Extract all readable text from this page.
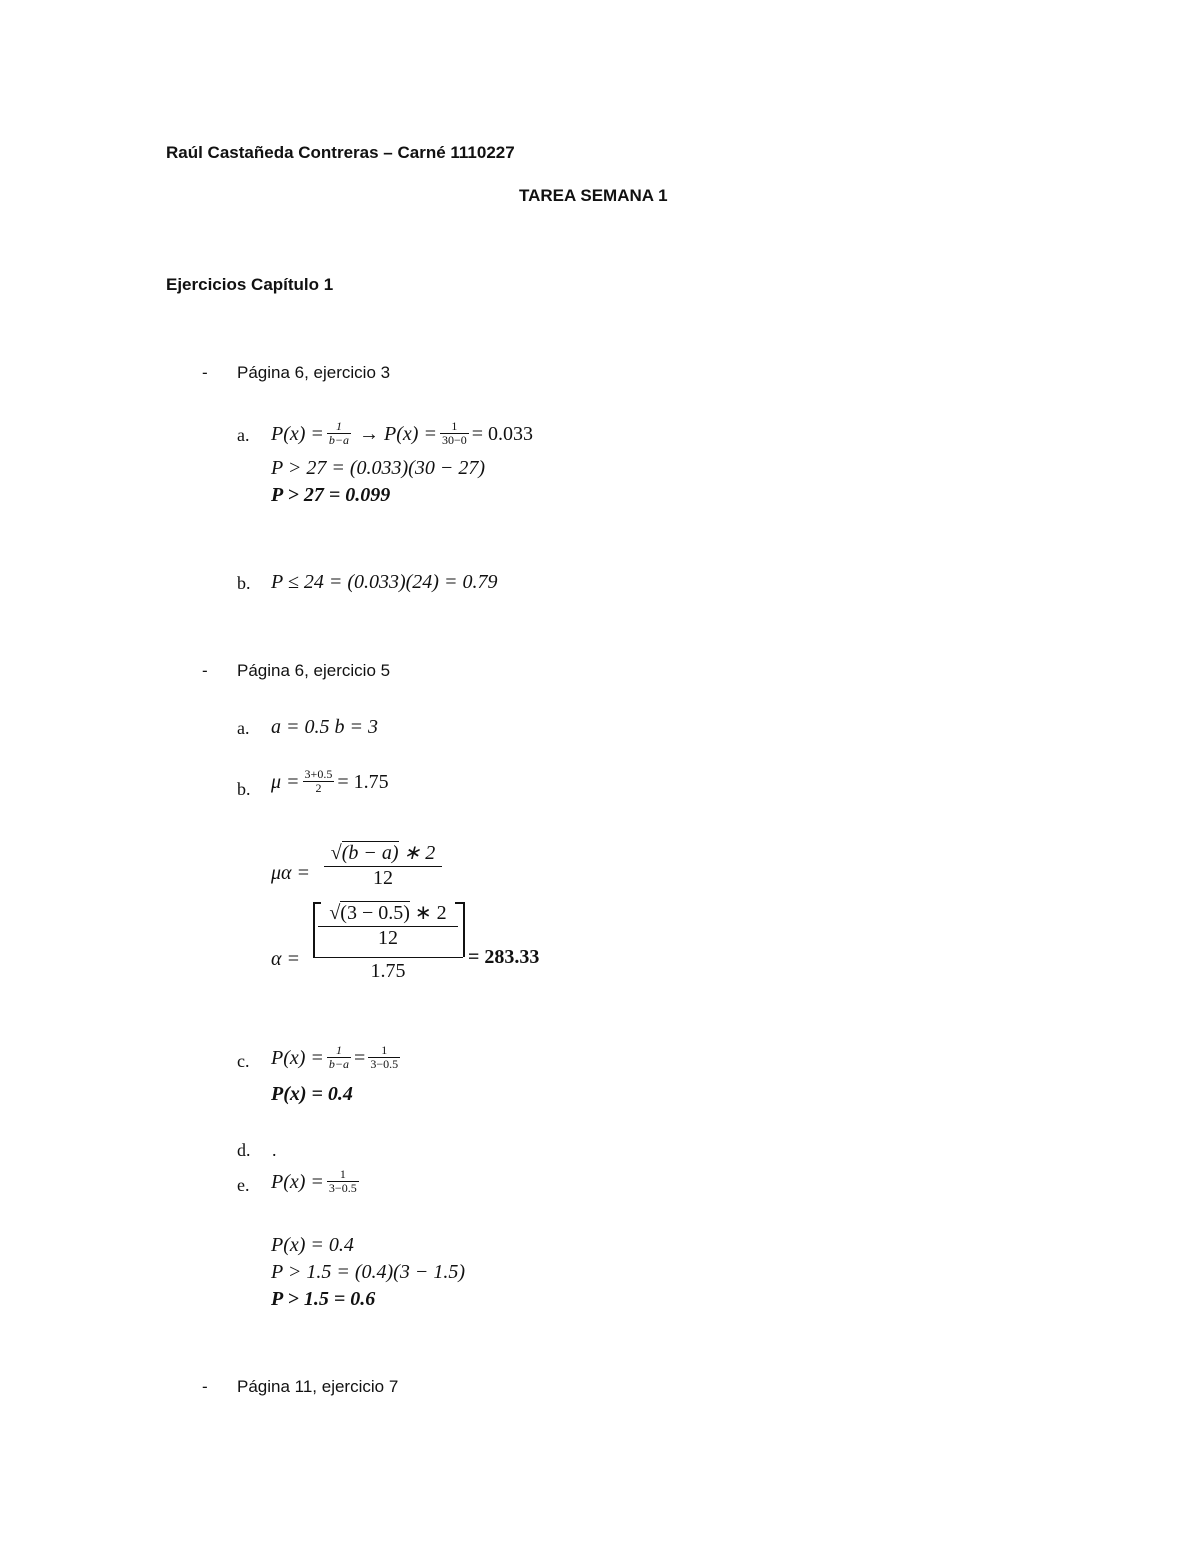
Raúl Castañeda Contreras – Carné 1110227
TAREA SEMANA 1
Ejercicios Capítulo 1
- Página 6, ejercicio 3
a. $P(x) = \frac{1}{b-a} \to P(x) = \frac{1}{30-0} = 0.033$
P > 27 = (0.033)(30 − 27)
P > 27 = 0.099
b. P ≤ 24 = (0.033)(24) = 0.79
- Página 6, ejercicio 5
a. a = 0.5 b = 3
b. $\mu = \frac{3+0.5}{2} = 1.75$
μα =
√(b − a) ∗ 2
12
α =
√(3 − 0.5) ∗ 2
12
1.75
= 283.33
c. $P(x) = \frac{1}{b-a} = \frac{1}{3-0.5}$
P(x) = 0.4
d. .
e. $P(x) = \frac{1}{3-0.5}$
P(x) = 0.4
P > 1.5 = (0.4)(3 − 1.5)
P > 1.5 = 0.6
- Página 11, ejercicio 7
